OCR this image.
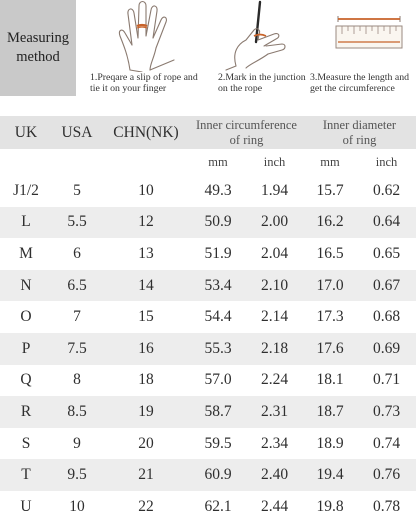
Measuring
method
1.Preqare a slip of rope and
tie it on your finger
2.Mark in the junction
on the rope
3.Measure the length and
get the circumference
UK	USA	CHN(NK)	Inner circumference
of ring		Inner diameter
of ring	
			mm	inch	mm	inch
J1/2	5	10	49.3	1.94	15.7	0.62
L	5.5	12	50.9	2.00	16.2	0.64
M	6	13	51.9	2.04	16.5	0.65
N	6.5	14	53.4	2.10	17.0	0.67
O	7	15	54.4	2.14	17.3	0.68
P	7.5	16	55.3	2.18	17.6	0.69
Q	8	18	57.0	2.24	18.1	0.71
R	8.5	19	58.7	2.31	18.7	0.73
S	9	20	59.5	2.34	18.9	0.74
T	9.5	21	60.9	2.40	19.4	0.76
U	10	22	62.1	2.44	19.8	0.78
